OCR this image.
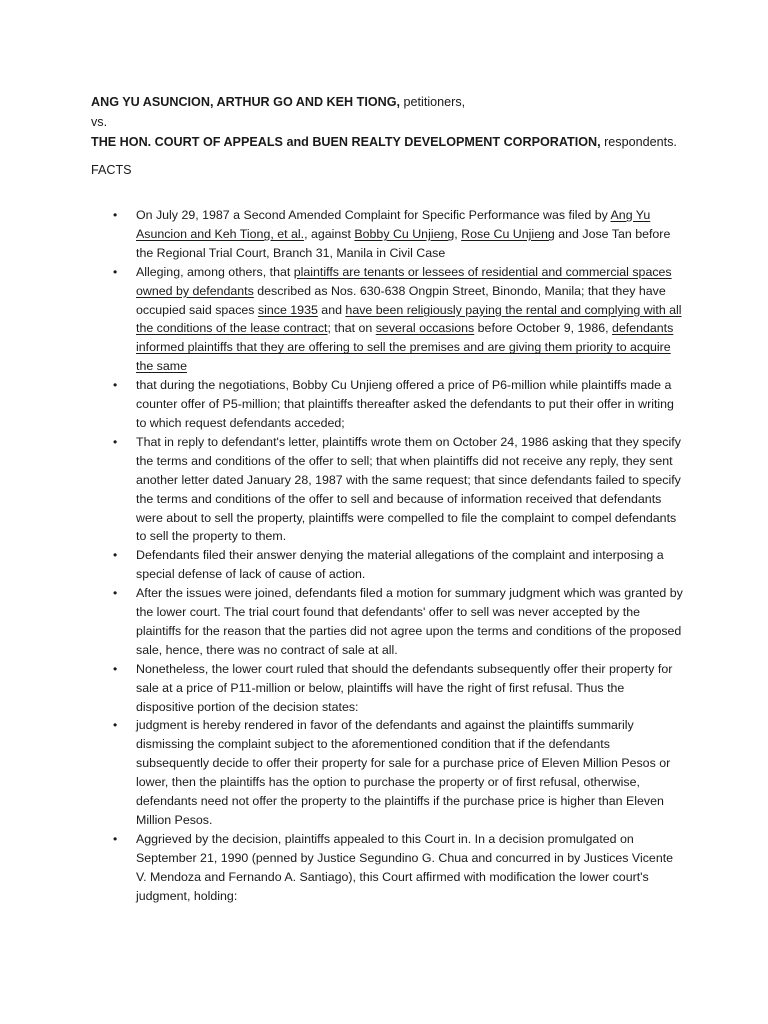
ANG YU ASUNCION, ARTHUR GO AND KEH TIONG, petitioners,

vs.

THE HON. COURT OF APPEALS and BUEN REALTY DEVELOPMENT CORPORATION, respondents.

FACTS

• On July 29, 1987 a Second Amended Complaint for Specific Performance was filed by Ang Yu Asuncion and Keh Tiong, et al., against Bobby Cu Unjieng, Rose Cu Unjieng and Jose Tan before the Regional Trial Court, Branch 31, Manila in Civil Case
• Alleging, among others, that plaintiffs are tenants or lessees of residential and commercial spaces owned by defendants described as Nos. 630-638 Ongpin Street, Binondo, Manila; that they have occupied said spaces since 1935 and have been religiously paying the rental and complying with all the conditions of the lease contract; that on several occasions before October 9, 1986, defendants informed plaintiffs that they are offering to sell the premises and are giving them priority to acquire the same
• that during the negotiations, Bobby Cu Unjieng offered a price of P6-million while plaintiffs made a counter offer of P5-million; that plaintiffs thereafter asked the defendants to put their offer in writing to which request defendants acceded;
• That in reply to defendant's letter, plaintiffs wrote them on October 24, 1986 asking that they specify the terms and conditions of the offer to sell; that when plaintiffs did not receive any reply, they sent another letter dated January 28, 1987 with the same request; that since defendants failed to specify the terms and conditions of the offer to sell and because of information received that defendants were about to sell the property, plaintiffs were compelled to file the complaint to compel defendants to sell the property to them.
• Defendants filed their answer denying the material allegations of the complaint and interposing a special defense of lack of cause of action.
• After the issues were joined, defendants filed a motion for summary judgment which was granted by the lower court. The trial court found that defendants' offer to sell was never accepted by the plaintiffs for the reason that the parties did not agree upon the terms and conditions of the proposed sale, hence, there was no contract of sale at all.
• Nonetheless, the lower court ruled that should the defendants subsequently offer their property for sale at a price of P11-million or below, plaintiffs will have the right of first refusal. Thus the dispositive portion of the decision states:
• judgment is hereby rendered in favor of the defendants and against the plaintiffs summarily dismissing the complaint subject to the aforementioned condition that if the defendants subsequently decide to offer their property for sale for a purchase price of Eleven Million Pesos or lower, then the plaintiffs has the option to purchase the property or of first refusal, otherwise, defendants need not offer the property to the plaintiffs if the purchase price is higher than Eleven Million Pesos.
• Aggrieved by the decision, plaintiffs appealed to this Court in. In a decision promulgated on September 21, 1990 (penned by Justice Segundino G. Chua and concurred in by Justices Vicente V. Mendoza and Fernando A. Santiago), this Court affirmed with modification the lower court's judgment, holding:
